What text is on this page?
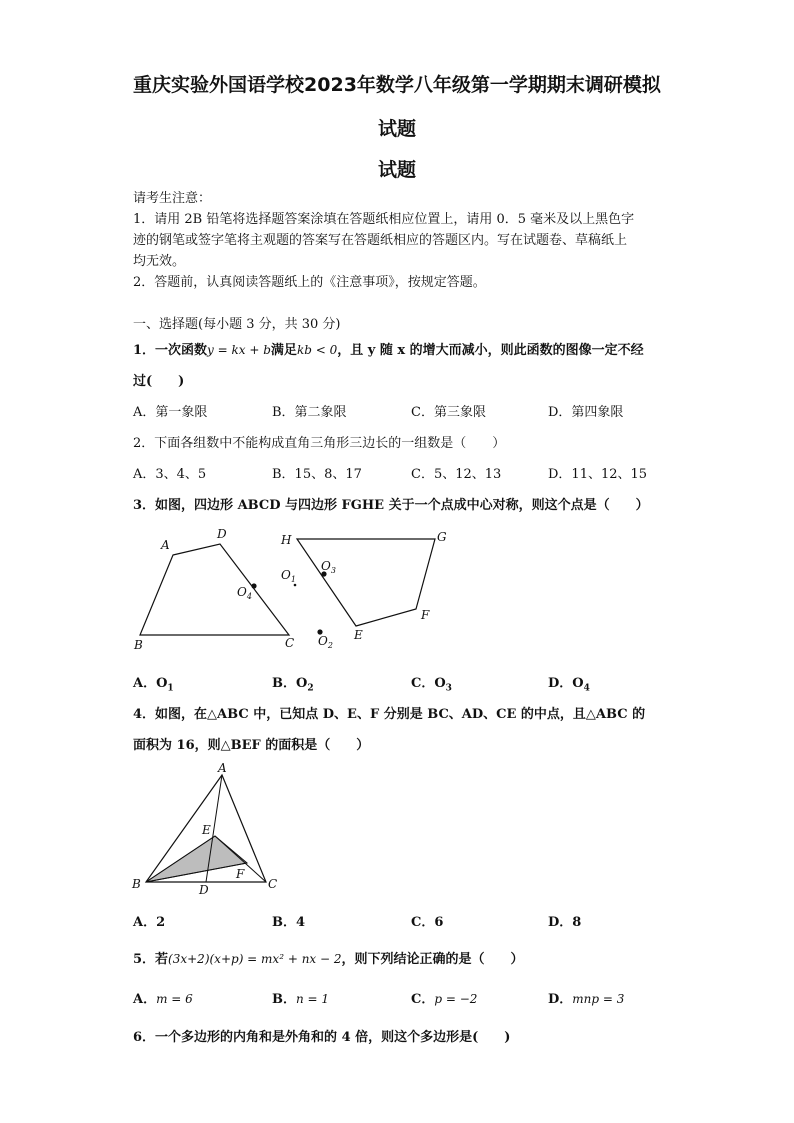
重庆实验外国语学校2023年数学八年级第一学期期末调研模拟
试题
试题
请考生注意：
1．请用 2B 铅笔将选择题答案涂填在答题纸相应位置上，请用 0．5 毫米及以上黑色字
迹的钢笔或签字笔将主观题的答案写在答题纸相应的答题区内。写在试题卷、草稿纸上
均无效。
2．答题前，认真阅读答题纸上的《注意事项》，按规定答题。
一、选择题(每小题 3 分，共 30 分)
1．一次函数y = kx + b满足kb < 0，且 y 随 x 的增大而减小，则此函数的图像一定不经
过(　　)
A．第一象限	B．第二象限	C．第三象限	D．第四象限
2．下面各组数中不能构成直角三角形三边长的一组数是（　　）
A．3、4、5	B．15、8、17	C．5、12、13	D．11、12、15
3．如图，四边形 ABCD 与四边形 FGHE 关于一个点成中心对称，则这个点是（　　）
A
D
B	C
H	G
F
E
$O_4$
$O_3$
$O_1$
$O_2$
A．$O_1$	B．$O_2$	C．$O_3$	D．$O_4$
4．如图，在△ABC 中，已知点 D、E、F 分别是 BC、AD、CE 的中点，且△ABC 的
面积为 16，则△BEF 的面积是（　　）
A
B	C
D
E
F
A．2	B．4	C．6	D．8
5．若(3x+2)(x+p) = mx² + nx − 2，则下列结论正确的是（　　）
A．m = 6	B．n = 1	C．p = −2	D．mnp = 3
6．一个多边形的内角和是外角和的 4 倍，则这个多边形是(　　)
